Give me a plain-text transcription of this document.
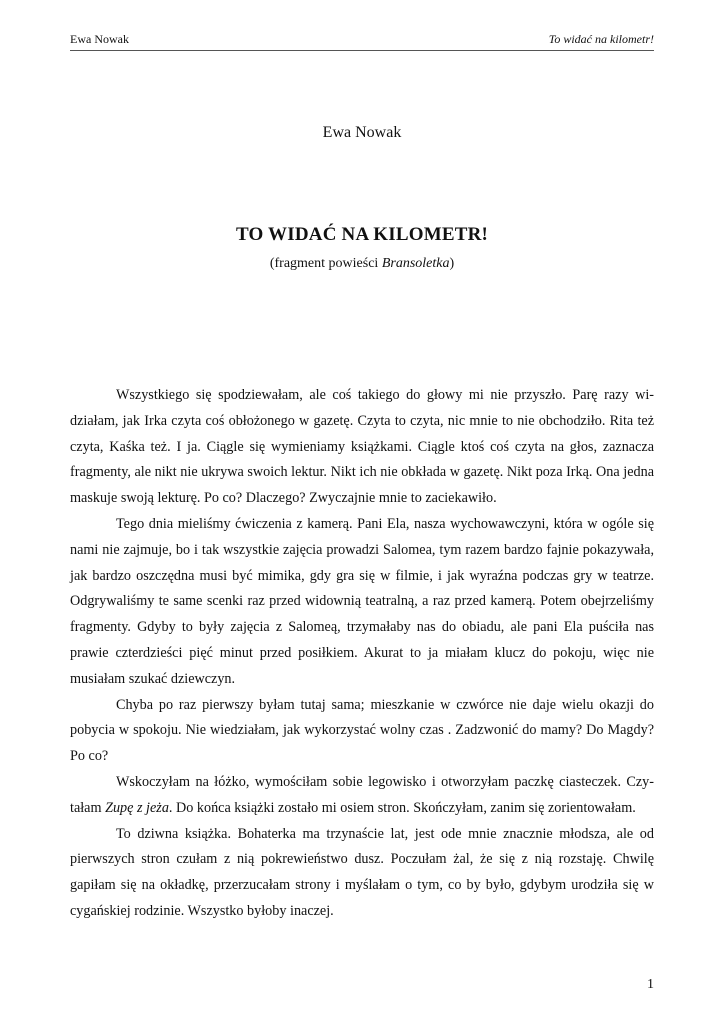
Ewa Nowak	To widać na kilometr!
Ewa Nowak
TO WIDAĆ NA KILOMETR!
(fragment powieści Bransoletka)

Wszystkiego się spodziewałam, ale coś takiego do głowy mi nie przyszło. Parę razy widziałam, jak Irka czyta coś obłożonego w gazetę. Czyta to czyta, nic mnie to nie obchodziło. Rita też czyta, Kaśka też. I ja. Ciągle się wymieniamy książkami. Ciągle ktoś coś czyta na głos, zaznacza fragmenty, ale nikt nie ukrywa swoich lektur. Nikt ich nie obkłada w gazetę. Nikt poza Irką. Ona jedna maskuje swoją lekturę. Po co? Dlaczego? Zwyczajnie mnie to zaciekawiło.

Tego dnia mieliśmy ćwiczenia z kamerą. Pani Ela, nasza wychowawczyni, która w ogóle się nami nie zajmuje, bo i tak wszystkie zajęcia prowadzi Salomea, tym razem bardzo fajnie pokazywała, jak bardzo oszczędna musi być mimika, gdy gra się w filmie, i jak wyraźna podczas gry w teatrze. Odgrywaliśmy te same scenki raz przed widownią teatralną, a raz przed kamerą. Potem obejrzeliśmy fragmenty. Gdyby to były zajęcia z Salomeą, trzymałaby nas do obiadu, ale pani Ela puściła nas prawie czterdzieści pięć minut przed posiłkiem. Akurat to ja miałam klucz do pokoju, więc nie musiałam szukać dziewczyn.

Chyba po raz pierwszy byłam tutaj sama; mieszkanie w czwórce nie daje wielu okazji do pobycia w spokoju. Nie wiedziałam, jak wykorzystać wolny czas . Zadzwonić do mamy? Do Magdy? Po co?

Wskoczyłam na łóżko, wymościłam sobie legowisko i otworzyłam paczkę ciasteczek. Czytałam Zupę z jeża. Do końca książki zostało mi osiem stron. Skończyłam, zanim się zorientowałam.

To dziwna książka. Bohaterka ma trzynaście lat, jest ode mnie znacznie młodsza, ale od pierwszych stron czułam z nią pokrewieństwo dusz. Poczułam żal, że się z nią rozstaję. Chwilę gapiłam się na okładkę, przerzucałam strony i myślałam o tym, co by było, gdybym urodziła się w cygańskiej rodzinie. Wszystko byłoby inaczej.

1
